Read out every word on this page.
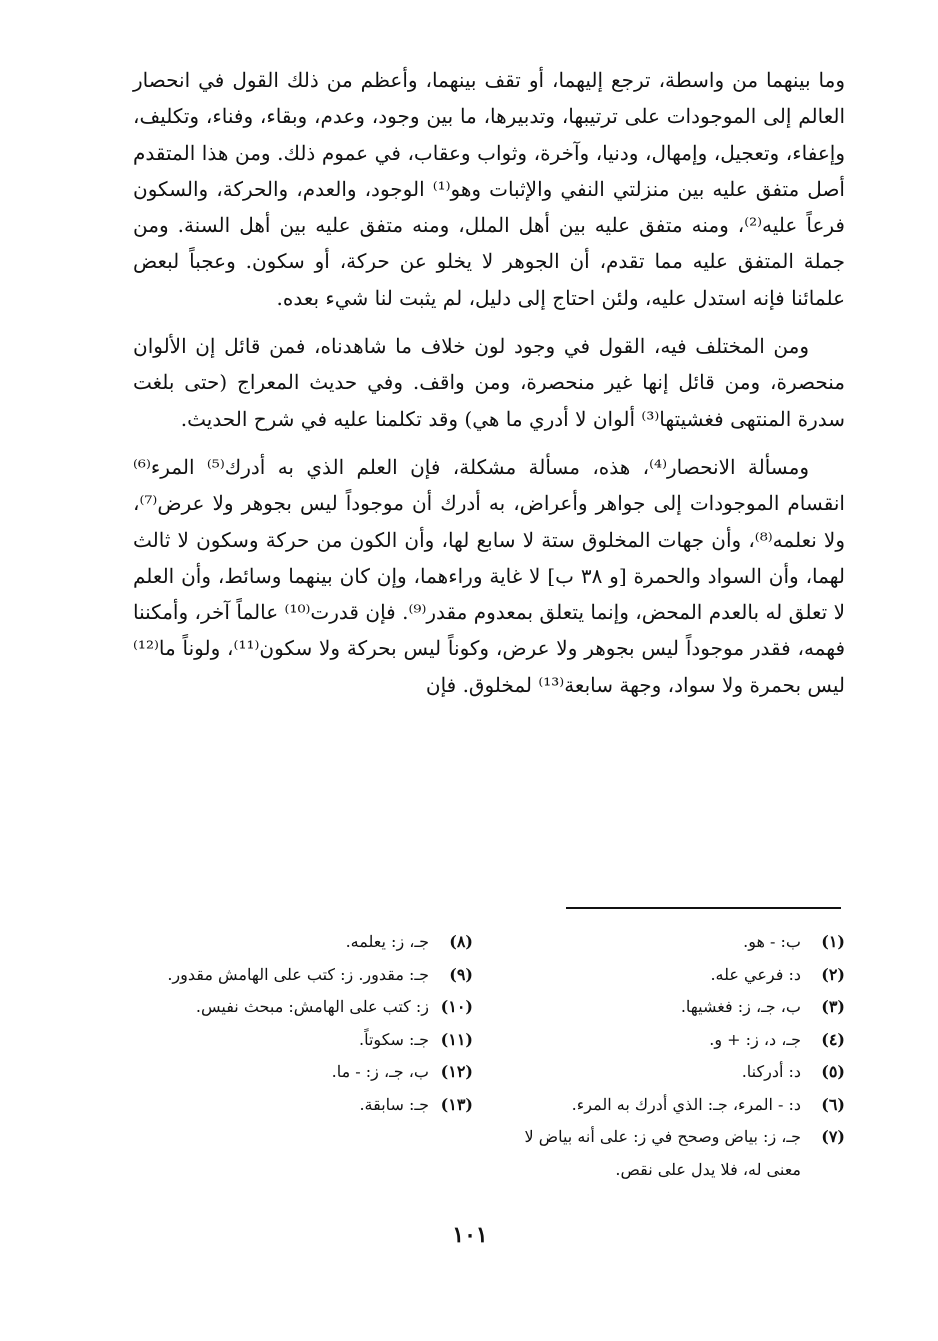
وما بينهما من واسطة، ترجع إليهما، أو تقف بينهما، وأعظم من ذلك القول في انحصار العالم إلى الموجودات على ترتيبها، وتدبيرها، ما بين وجود، وعدم، وبقاء، وفناء، وتكليف، وإعفاء، وتعجيل، وإمهال، ودنيا، وآخرة، وثواب وعقاب، في عموم ذلك. ومن هذا المتقدم أصل متفق عليه بين منزلتي النفي والإثبات وهو⁽¹⁾ الوجود، والعدم، والحركة، والسكون فرعاً عليه⁽²⁾، ومنه متفق عليه بين أهل الملل، ومنه متفق عليه بين أهل السنة. ومن جملة المتفق عليه مما تقدم، أن الجوهر لا يخلو عن حركة، أو سكون. وعجباً لبعض علمائنا فإنه استدل عليه، ولئن احتاج إلى دليل، لم يثبت لنا شيء بعده.

ومن المختلف فيه، القول في وجود لون خلاف ما شاهدناه، فمن قائل إن الألوان منحصرة، ومن قائل إنها غير منحصرة، ومن واقف. وفي حديث المعراج (حتى بلغت سدرة المنتهى فغشيتها⁽³⁾ ألوان لا أدري ما هي) وقد تكلمنا عليه في شرح الحديث.

ومسألة الانحصار⁽⁴⁾، هذه، مسألة مشكلة، فإن العلم الذي به أدرك⁽⁵⁾ المرء⁽⁶⁾ انقسام الموجودات إلى جواهر وأعراض، به أدرك أن موجوداً ليس بجوهر ولا عرض⁽⁷⁾، ولا نعلمه⁽⁸⁾، وأن جهات المخلوق ستة لا سابع لها، وأن الكون من حركة وسكون لا ثالث لهما، وأن السواد والحمرة [و ٣٨ ب] لا غاية وراءهما، وإن كان بينهما وسائط، وأن العلم لا تعلق له بالعدم المحض، وإنما يتعلق بمعدوم مقدر⁽⁹⁾. فإن قدرت⁽¹⁰⁾ عالماً آخر، وأمكننا فهمه، فقدر موجوداً ليس بجوهر ولا عرض، وكوناً ليس بحركة ولا سكون⁽¹¹⁾، ولوناً ما⁽¹²⁾ ليس بحمرة ولا سواد، وجهة سابعة⁽¹³⁾ لمخلوق. فإن

(١)
ب: - هو.
(٢)
د: فرعي عله.
(٣)
ب، جـ، ز: فغشيها.
(٤)
جـ، د، ز: + و.
(٥)
د: أدركنا.
(٦)
د: - المرء، جـ: الذي أدرك به المرء.
(٧)
جـ، ز: بياض وصحح في ز: على أنه بياض لا معنى له، فلا يدل على نقص.
(٨)
جـ، ز: يعلمه.
(٩)
جـ: مقدور. ز: كتب على الهامش مقدور.
(١٠)
ز: كتب على الهامش: مبحث نفيس.
(١١)
جـ: سكوتاً.
(١٢)
ب، جـ، ز: - ما.
(١٣)
جـ: سابقة.
١٠١
